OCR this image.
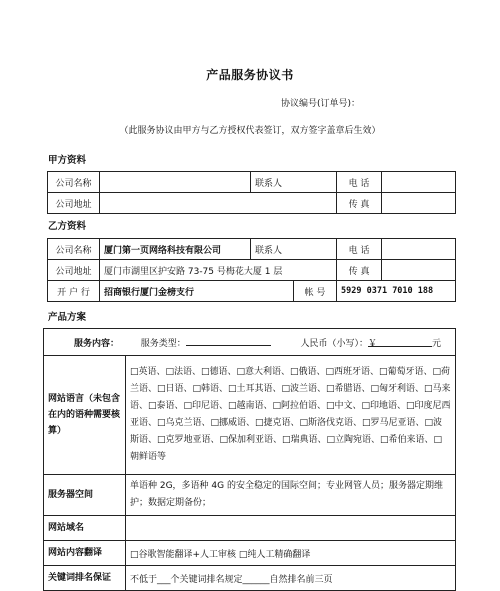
产品服务协议书
协议编号(订单号)：
（此服务协议由甲方与乙方授权代表签订，双方签字盖章后生效）
甲方资料
公司名称		联系人	电 话	
公司地址			传 真	
乙方资料
公司名称	厦门第一页网络科技有限公司	联系人		电 话	
公司地址	厦门市湖里区护安路 73-75 号梅花大厦 1 层			传 真	
开 户 行	招商银行厦门金榜支行		帐 号	5929 0371 7010 188	
产品方案
服务内容： 服务类型： 人民币（小写）：￥ 元	
网站语言（未包含在内的语种需要核算）	□英语、□法语、□德语、□意大利语、□俄语、□西班牙语、□葡萄牙语、□荷兰语、□日语、□韩语、□土耳其语、□波兰语、□希腊语、□匈牙利语、□马来语、□泰语、□印尼语、□越南语、□阿拉伯语、□中文、□印地语、□印度尼西亚语、□乌克兰语、□挪威语、□捷克语、□斯洛伐克语、□罗马尼亚语、□波斯语、□克罗地亚语、□保加利亚语、□瑞典语、□立陶宛语、□希伯来语、□朝鲜语等
服务器空间	单语种 2G，多语种 4G 的安全稳定的国际空间；专业网管人员；服务器定期维护；数据定期备份；
网站域名	
网站内容翻译	□谷歌智能翻译+人工审核 □纯人工精确翻译
关键词排名保证	不低于___个关键词排名规定______自然排名前三页
